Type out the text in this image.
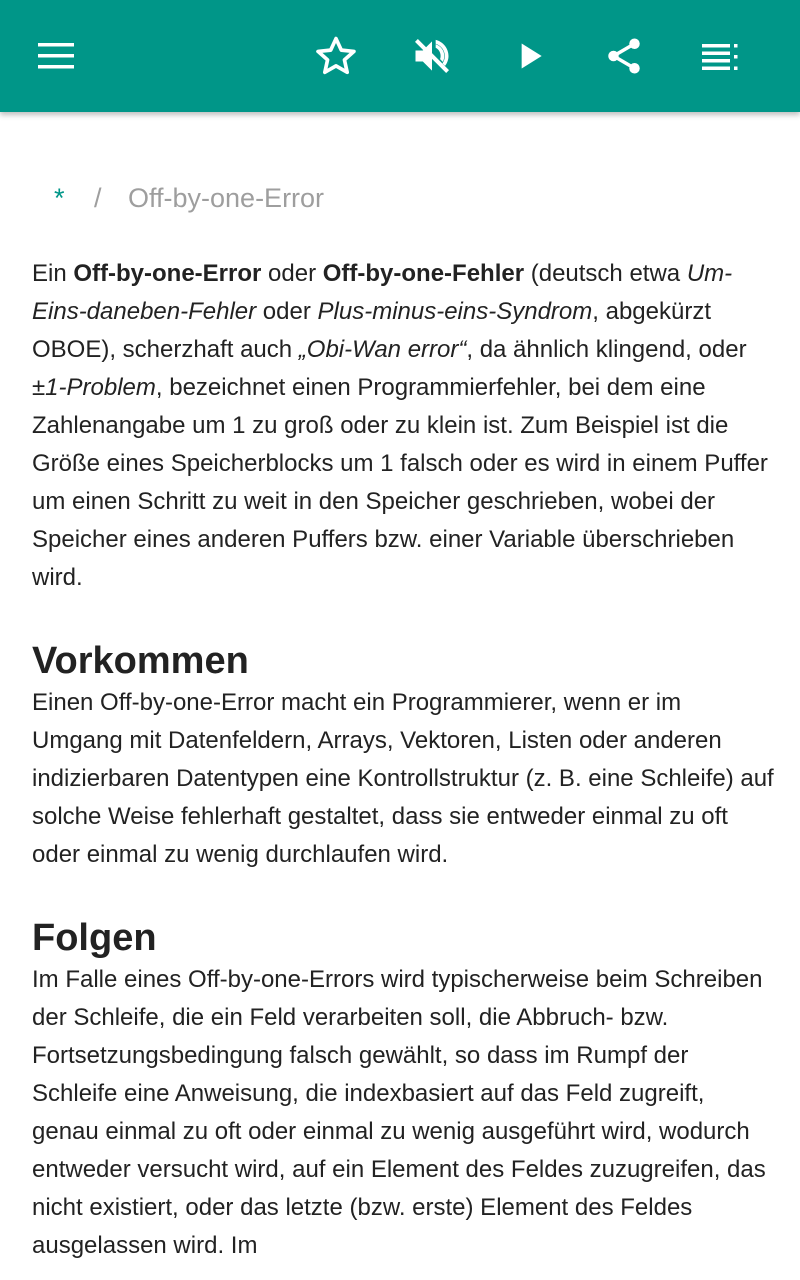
* / Off-by-one-Error

Ein Off-by-one-Error oder Off-by-one-Fehler (deutsch etwa Um-Eins-daneben-Fehler oder Plus-minus-eins-Syndrom, abgekürzt OBOE), scherzhaft auch „Obi-Wan error“, da ähnlich klingend, oder ±1-Problem, bezeichnet einen Programmierfehler, bei dem eine Zahlenangabe um 1 zu groß oder zu klein ist. Zum Beispiel ist die Größe eines Speicherblocks um 1 falsch oder es wird in einem Puffer um einen Schritt zu weit in den Speicher geschrieben, wobei der Speicher eines anderen Puffers bzw. einer Variable überschrieben wird.

Vorkommen

Einen Off-by-one-Error macht ein Programmierer, wenn er im Umgang mit Datenfeldern, Arrays, Vektoren, Listen oder anderen indizierbaren Datentypen eine Kontrollstruktur (z. B. eine Schleife) auf solche Weise fehlerhaft gestaltet, dass sie entweder einmal zu oft oder einmal zu wenig durchlaufen wird.

Folgen

Im Falle eines Off-by-one-Errors wird typischerweise beim Schreiben der Schleife, die ein Feld verarbeiten soll, die Abbruch- bzw. Fortsetzungsbedingung falsch gewählt, so dass im Rumpf der Schleife eine Anweisung, die indexbasiert auf das Feld zugreift, genau einmal zu oft oder einmal zu wenig ausgeführt wird, wodurch entweder versucht wird, auf ein Element des Feldes zuzugreifen, das nicht existiert, oder das letzte (bzw. erste) Element des Feldes ausgelassen wird. Im
